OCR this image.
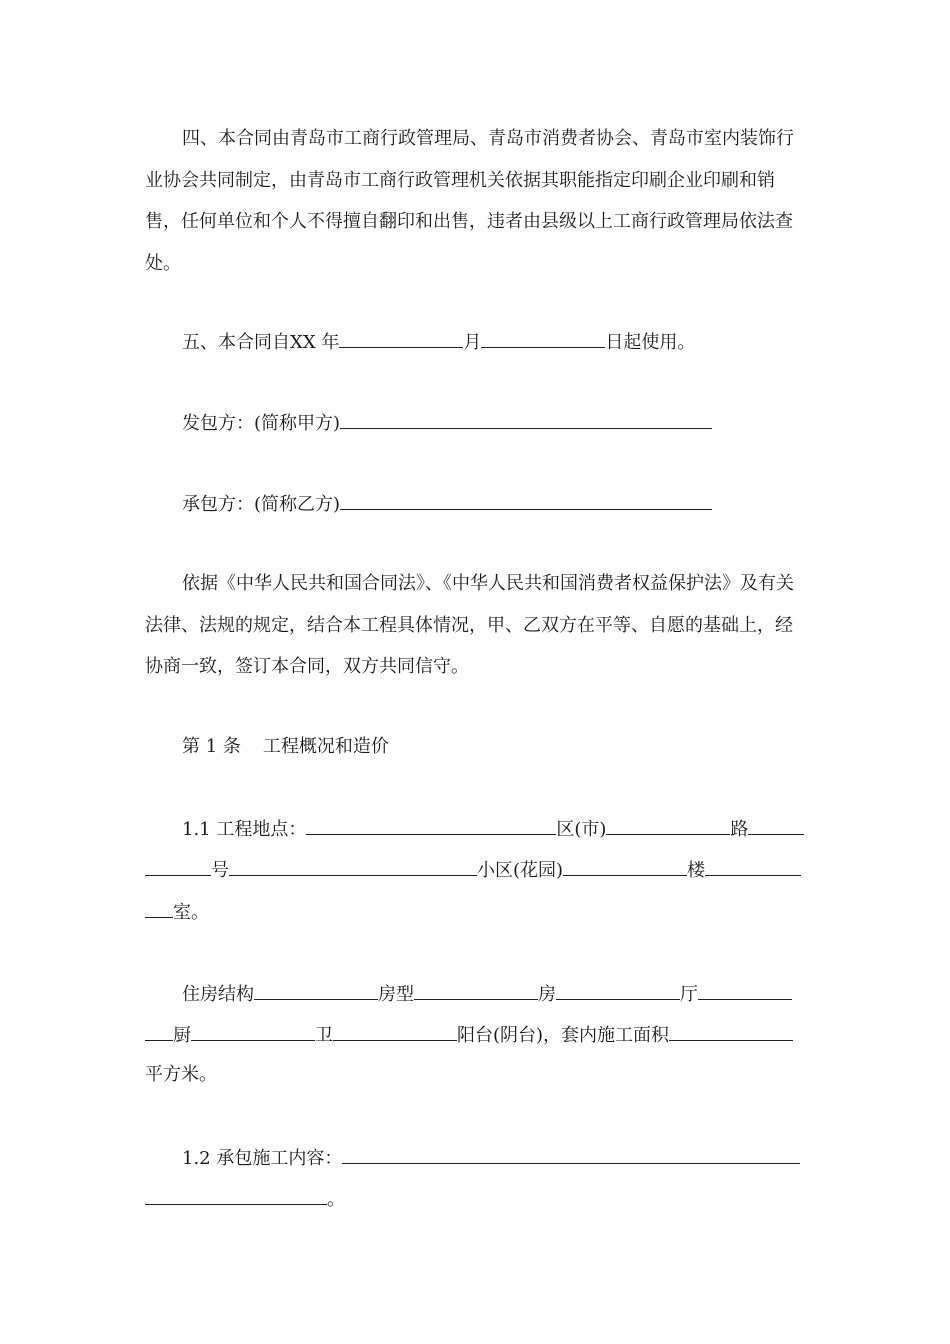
四、本合同由青岛市工商行政管理局、青岛市消费者协会、青岛市室内装饰行业协会共同制定，由青岛市工商行政管理机关依据其职能指定印刷企业印刷和销售，任何单位和个人不得擅自翻印和出售，违者由县级以上工商行政管理局依法查处。

五、本合同自XX 年	月	日起使用。

发包方：(简称甲方)

承包方：(简称乙方)

依据《中华人民共和国合同法》、《中华人民共和国消费者权益保护法》及有关法律、法规的规定，结合本工程具体情况，甲、乙双方在平等、自愿的基础上，经协商一致，签订本合同，双方共同信守。

第 1 条 工程概况和造价

1.1 工程地点：	区(市)	路

号	小区(花园)	楼

室。

住房结构	房型	房	厅

厨	卫	阳台(阴台)，套内施工面积

平方米。

1.2 承包施工内容：

。
